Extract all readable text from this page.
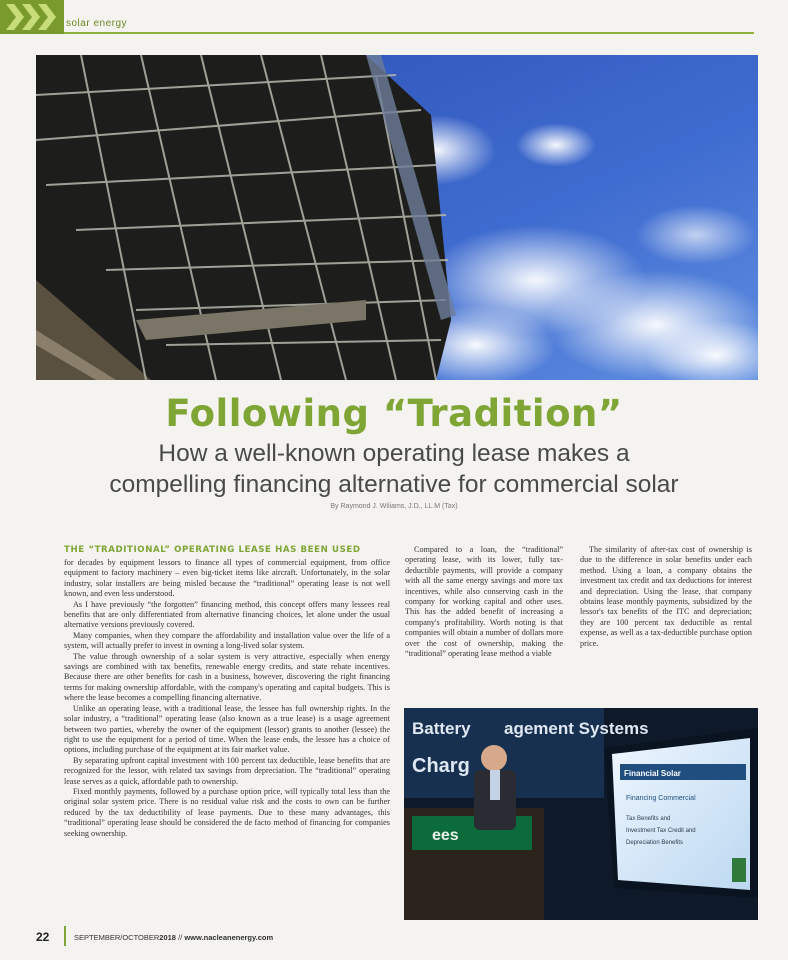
solar energy
Following “Tradition”
How a well-known operating lease makes a
compelling financing alternative for commercial solar
By Raymond J. Wiliams, J.D., LL.M (Tax)
THE “TRADITIONAL” OPERATING LEASE HAS BEEN USED

for decades by equipment lessors to finance all types of commercial equipment, from office equipment to factory machinery – even big-ticket items like aircraft. Unfortunately, in the solar industry, solar installers are being misled because the “traditional” operating lease is not well known, and even less understood.

As I have previously “the forgotten” financing method, this concept offers many lessees real benefits that are only differentiated from alternative financing choices, let alone under the usual alternative versions previously covered.

Many companies, when they compare the affordability and installation value over the life of a system, will actually prefer to invest in owning a long-lived solar system.

The value through ownership of a solar system is very attractive, especially when energy savings are combined with tax benefits, renewable energy credits, and state rebate incentives. Because there are other benefits for cash in a business, however, discovering the right financing terms for making ownership affordable, with the company's operating and capital budgets. This is where the lease becomes a compelling financing alternative.

Unlike an operating lease, with a traditional lease, the lessee has full ownership rights. In the solar industry, a “traditional” operating lease (also known as a true lease) is a usage agreement between two parties, whereby the owner of the equipment (lessor) grants to another (lessee) the right to use the equipment for a period of time. When the lease ends, the lessee has a choice of options, including purchase of the equipment at its fair market value.

By separating upfront capital investment with 100 percent tax deductible, lease benefits that are recognized for the lessor, with related tax savings from depreciation. The “traditional” operating lease serves as a quick, affordable path to ownership.

Fixed monthly payments, followed by a purchase option price, will typically total less than the original solar system price. There is no residual value risk and the costs to own can be further reduced by the tax deductibility of lease payments. Due to these many advantages, this “traditional” operating lease should be considered the de facto method of financing for companies seeking ownership.

Compared to a loan, the “traditional” operating lease, with its lower, fully tax-deductible payments, will provide a company with all the same energy savings and more tax incentives, while also conserving cash in the company for working capital and other uses. This has the added benefit of increasing a company's profitability. Worth noting is that companies will obtain a number of dollars more over the cost of ownership, making the “traditional” operating lease method a viable

The similarity of after-tax cost of ownership is due to the difference in solar benefits under each method. Using a loan, a company obtains the investment tax credit and tax deductions for interest and depreciation. Using the lease, that company obtains lease monthly payments, subsidized by the lessor's tax benefits of the ITC and depreciation; they are 100 percent tax deductible as rental expense, as well as a tax-deductible purchase option price.

Battery agement Systems
Charg
ees
Financial Solar
Financing Commercial
Tax Benefits and
Investment Tax Credit and
Depreciation Benefits
22	SEPTEMBER/OCTOBER2018 // www.nacleanenergy.com
